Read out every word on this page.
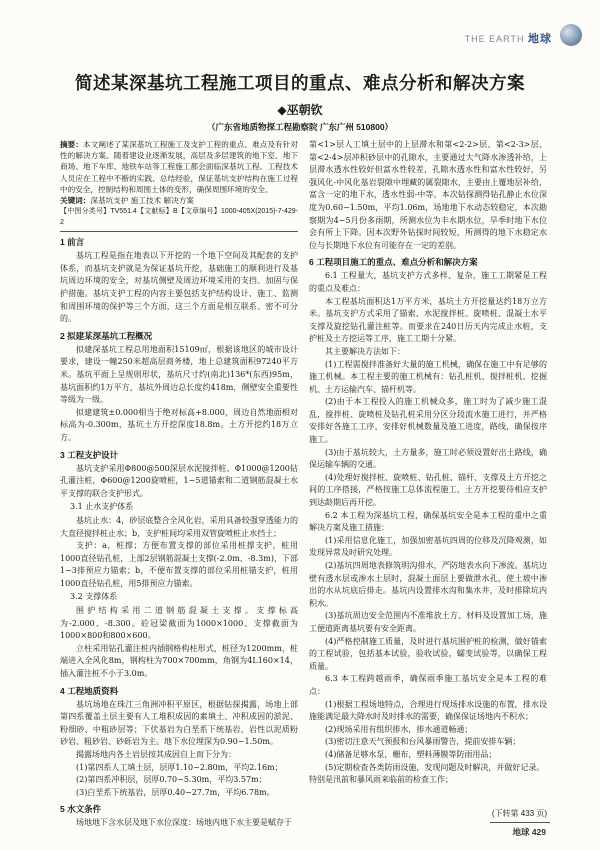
THE EARTH 地球
简述某深基坑工程施工项目的重点、难点分析和解决方案
◆巫朝钦
（广东省地质物探工程勘察院 广东广州 510800）

摘要：本文阐述了某深基坑工程施工及支护工程的重点、难点及有针对性的解决方案。随着建设业逐渐发展，高层及多层建筑的地下室、地下商场、地下车库、地铁车站等工程施工都会面临深基坑工程。工程技术人员应在工程中不断的实践、总结经验，保证基坑支护结构在施工过程中的安全，控制结构和周围土体的变形，确保周围环境的安全。

关键词：深基坑支护 施工技术 解决方案

【中图分类号】TV551.4【文献标】B【文章编号】1000-405X(2015)-7-429-2

1 前言

基坑工程是指在地表以下开挖的一个地下空间及其配套的支护体系，而基坑支护就是为保证基坑开挖，基础施工的顺利进行及基坑周边环境的安全，对基坑侧壁及周边环境采用的支挡、加固与保护措施。基坑支护工程的内容主要包括支护结构设计、施工、监测和周围环境的保护等三个方面，这三个方面是相互联系、密不可分的。

2 拟建某深基坑工程概况

拟建深基坑工程总用地面积15109㎡，根据该地区的城市设计要求，建设一幢250米超高层商务楼，地上总建筑面积97240平方米。基坑平面上呈规则形状，基坑尺寸约(南北)136*(东西)95m，基坑面积约1万平方，基坑外周边总长度约418m，侧壁安全重要性等级为一级。

拟建建筑±0.000相当于绝对标高+8.000，周边自然地面相对标高为-0.300m，基坑土方开挖深度18.8m。土方开挖约18万立方。

3 工程支护设计

基坑支护采用Φ800@500深层水泥搅拌桩、Φ1000@1200钻孔灌注桩，Φ600@1200旋喷桩，1~5道锚索和二道钢筋混凝土水平支撑的联合支护形式。

3.1 止水支护体系

基坑止水：4，砂层底整合全风化岩，采用具备较强穿透能力的大直径搅拌桩止水；b，支护桩间均采用双管旋喷桩止水挡土；

支护：a，桩撑；方便布置支撑的部位采用桩撑支护，桩用1000直径钻孔桩，上部2层钢筋混凝土支撑(-2.0m、-8.3m)，下部1~3排预应力锚索；b，不便布置支撑的部位采用桩锚支护，桩用1000直径钻孔桩，用5排预应力锚索。

3.2 支撑体系

围护结构采用二道钢筋混凝土支撑。支撑标高为-2.000、-8.300。砼冠梁截面为1000×1000、支撑截面为1000×800和800×600。

立柱采用钻孔灌注桩内插钢格构柱形式，桩径为1200mm，桩端进入全风化8m，钢构柱为700×700mm，角钢为4L160×14，插入灌注桩不小于3.0m。

4 工程地质资料

基坑场地在珠江三角洲冲积平原区，根据钻探揭露，场地上部第四系覆盖土层主要有人工堆积成因的素填土、冲积成因的淤泥、粉细砂、中粗砂层等；下伏基岩为白垩系下统基岩，岩性以泥质粉砂岩、粗砂岩、砂砾岩为主。地下水位埋深为0.90~1.50m。

揭露场地内各土岩层按其成因自上而下分为：

(1)第四系人工填土层，层厚1.10~2.80m，平均2.16m；

(2)第四系冲积层，层厚0.70~5.30m，平均3.57m；

(3)白垩系下统基岩，层厚0.40~27.7m，平均6.78m。

5 水文条件

场地地下含水层及地下水位深度：场地内地下水主要是赋存于

第<1>层人工填土层中的上层滞水和第<2-2>层、第<2-3>层、第<2-4>层冲积砂层中的孔隙水，主要通过大气降水渗透补给，上层滞水透水性较好但富水性较差，孔隙水透水性和富水性较好，另强风化-中风化基岩裂隙中埋藏的属裂隙水，主要由上覆地层补给，富含一定的地下水，透水性弱-中等。本次钻探测得钻孔静止水位深度为0.60~1.50m，平均1.06m，场地地下水动态较稳定，本次勘察期为4~5月份多雨期，所测水位为丰水期水位，旱季时地下水位会有所上下降。因本次野外钻探时间较短，所测得的地下水稳定水位与长期地下水位有可能存在一定的差别。

6 工程项目施工的重点、难点分析和解决方案

6.1 工程量大，基坑支护方式多样、复杂，施工工期紧是工程的重点及难点：

本工程基坑面积达1万平方米，基坑土方开挖量达约18万立方米。基坑支护方式采用了锚索、水泥搅拌桩、旋喷桩、混凝土水平支撑及旋挖钻孔灌注桩等。而要求在240日历天内完成止水桩，支护桩及土方挖运等工序，施工工期十分紧。

其主要解决方法如下：

(1)工程需搅拌准备好大量的施工机械，确保在施工中有足够的施工机械。本工程主要的施工机械有：钻孔桩机、搅拌桩机、挖掘机、土方运输汽车、锚杆机等。

(2)由于本工程投入的施工机械众多，施工时为了减少施工混乱，搅拌桩、旋喷桩及钻孔桩采用分区分段流水施工进行，并严格安排好各施工工序，安排好机械数量及施工进度，路线，确保按序施工。

(3)由于基坑较大，土方量多，施工时必须设置好出土路线，确保运输车辆的交通。

(4)处理好搅拌桩、旋喷桩、钻孔桩、锚杆、支撑及土方开挖之间的工序搭接，严格按施工总体流程施工，土方开挖要待相应支护到达龄期后再开挖。

6.2 本工程为深基坑工程，确保基坑安全是本工程的重中之重解决方案及施工措施：

(1)采用信息化施工，加强加密基坑四周的位移及沉降观测，如发现异常及时研究处理。

(2)基坑四周地表修筑明沟排水，严防地表水向下渗流。基坑边壁有透水层或渗水土层时，混凝土面层上要做泄水孔，使土坡中渗出的水从坑底后排走。基坑内设置排水沟和集水井，及时排除坑内积水。

(3)基坑周边安全范围内不准堆放土方、材料及设置加工场，施工便道距离基坑要有安全距离。

(4)严格控制施工质量，及时进行基坑围护桩的检测，做好锚索的工程试验，包括基本试验，验收试验，蠕变试验等，以确保工程质量。

6.3 本工程跨越雨季，确保雨季施工基坑安全是本工程的难点：

(1)根据工程场地特点，合理进行现场排水设施的布置，排水设施能满足最大降水时及时排水的需要，确保保证场地内不积水；

(2)现场采用有组织排水，排水通道畅通；

(3)密切注意天气预报和台风暴雨警告，提前安排车辆；

(4)储备足够水泵，栅布，塑料薄膜等防雨用品；

(5)定期检查各类防雨设施，发现问题及时解决，并做好记录。

特别是汛前和暴风雨来临前的检查工作；

(下转第 433 页)
地球 429
